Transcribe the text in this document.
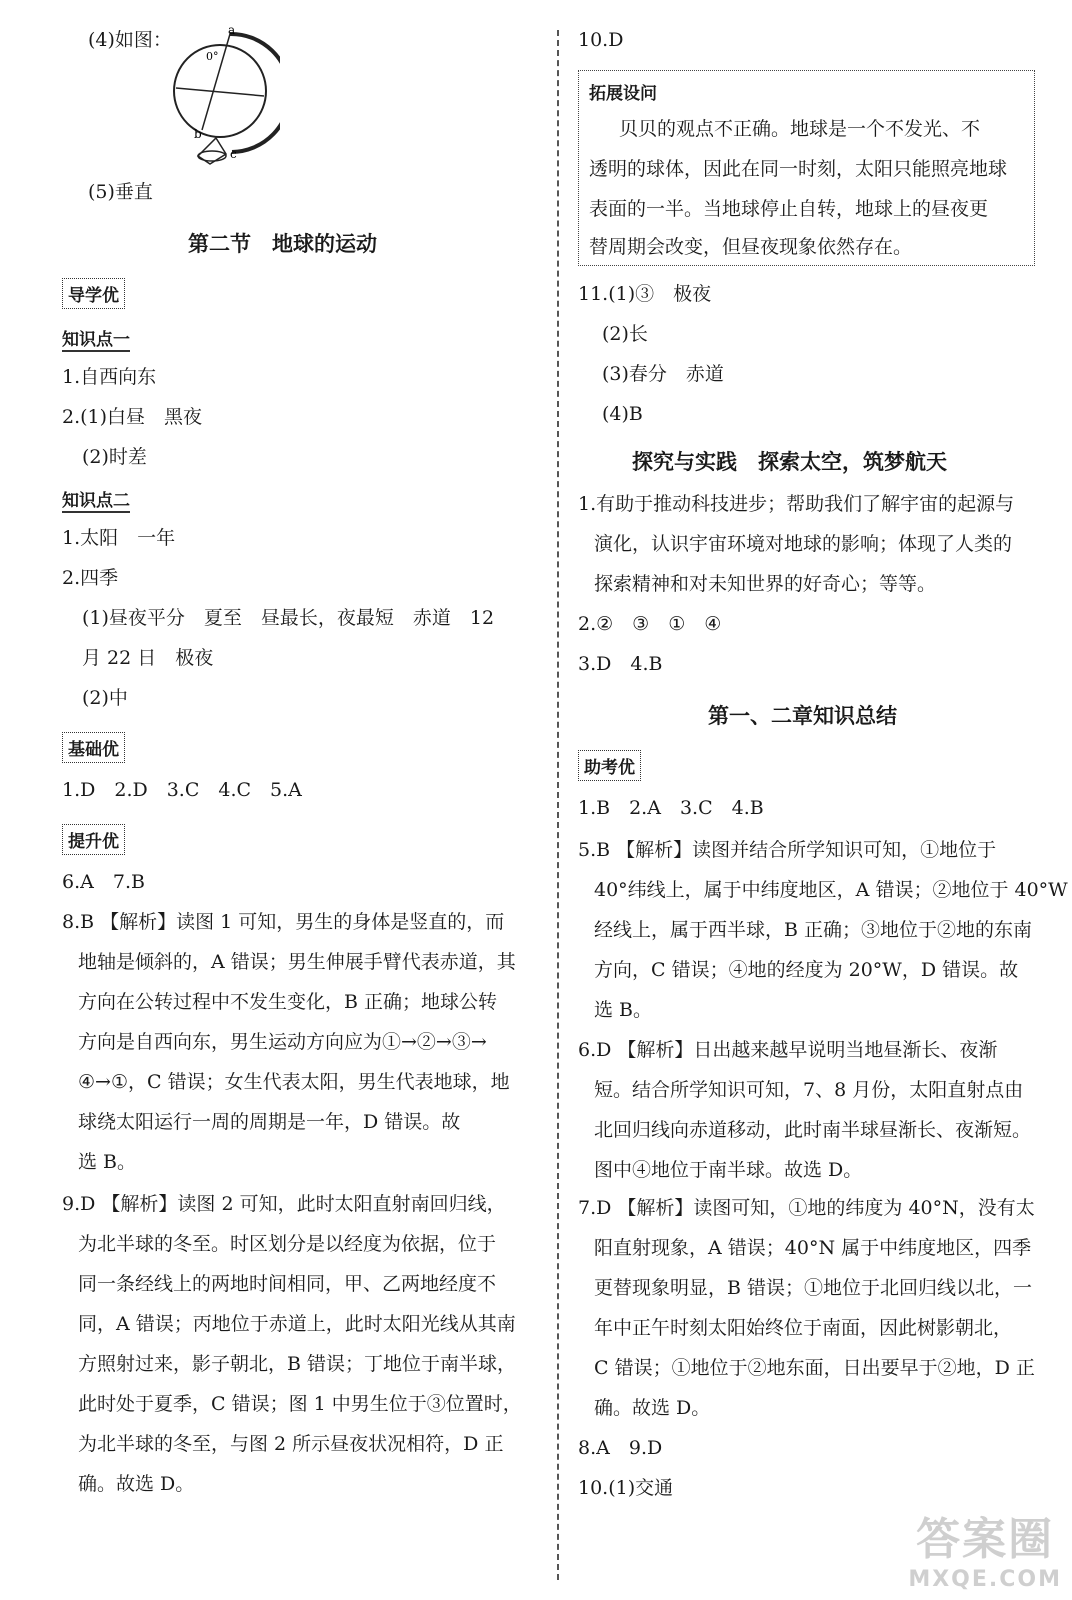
(4)如图：	a
b
c
0°
(5)垂直
第二节　地球的运动
导学优
知识点一
1.自西向东
2.(1)白昼　黑夜
(2)时差
知识点二
1.太阳　一年
2.四季
(1)昼夜平分　夏至　昼最长，夜最短　赤道　12
月 22 日　极夜
(2)中
基础优
1.D　2.D　3.C　4.C　5.A
提升优
6.A　7.B
8.B 【解析】读图 1 可知，男生的身体是竖直的，而
地轴是倾斜的，A 错误；男生伸展手臂代表赤道，其
方向在公转过程中不发生变化，B 正确；地球公转
方向是自西向东，男生运动方向应为①→②→③→
④→①，C 错误；女生代表太阳，男生代表地球，地
球绕太阳运行一周的周期是一年，D 错误。故
选 B。
9.D 【解析】读图 2 可知，此时太阳直射南回归线，
为北半球的冬至。时区划分是以经度为依据，位于
同一条经线上的两地时间相同，甲、乙两地经度不
同，A 错误；丙地位于赤道上，此时太阳光线从其南
方照射过来，影子朝北，B 错误；丁地位于南半球，
此时处于夏季，C 错误；图 1 中男生位于③位置时，
为北半球的冬至，与图 2 所示昼夜状况相符，D 正
确。故选 D。
10.D
拓展设问
贝贝的观点不正确。地球是一个不发光、不
透明的球体，因此在同一时刻，太阳只能照亮地球
表面的一半。当地球停止自转，地球上的昼夜更
替周期会改变，但昼夜现象依然存在。
11.(1)③　极夜
(2)长
(3)春分　赤道
(4)B
探究与实践　探索太空，筑梦航天
1.有助于推动科技进步；帮助我们了解宇宙的起源与
演化，认识宇宙环境对地球的影响；体现了人类的
探索精神和对未知世界的好奇心；等等。
2.②　③　①　④
3.D　4.B
第一、二章知识总结
助考优
1.B　2.A　3.C　4.B
5.B 【解析】读图并结合所学知识可知，①地位于
40°纬线上，属于中纬度地区，A 错误；②地位于 40°W
经线上，属于西半球，B 正确；③地位于②地的东南
方向，C 错误；④地的经度为 20°W，D 错误。故
选 B。
6.D 【解析】日出越来越早说明当地昼渐长、夜渐
短。结合所学知识可知，7、8 月份，太阳直射点由
北回归线向赤道移动，此时南半球昼渐长、夜渐短。
图中④地位于南半球。故选 D。
7.D 【解析】读图可知，①地的纬度为 40°N，没有太
阳直射现象，A 错误；40°N 属于中纬度地区，四季
更替现象明显，B 错误；①地位于北回归线以北，一
年中正午时刻太阳始终位于南面，因此树影朝北，
C 错误；①地位于②地东面，日出要早于②地，D 正
确。故选 D。
8.A　9.D
10.(1)交通
答案圈
MXQE.COM
